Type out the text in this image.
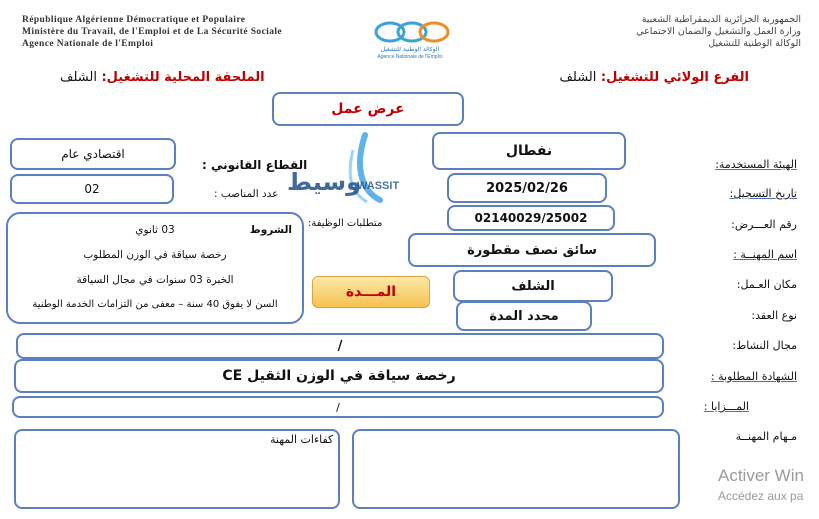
République Algérienne Démocratique et Populaire
Ministère du Travail, de l'Emploi et de La Sécurité Sociale
Agence Nationale de l'Emploi
الوكالة الوطنية للتشغيل
Agence Nationale de l'Emploi
الجمهورية الجزائرية الديمقراطية الشعبية
وزارة العمل والتشغيل والضمان الاجتماعي
الوكالة الوطنية للتشغيل
الفرع الولائي للتشغيل: الشلف
الملحقة المحلية للتشغيل: الشلف
عرض عمل
الهيئة المستخدمة:
تاريخ التسجيل:
رقم العـــرض:
اسم المهنــة :
مكان العـمل:
نوع العقد:
مجال النشاط:
الشهادة المطلوبة :
المـــزايا :
مـهام المهنــة
نفطال
2025/02/26
02140029/25002
سائق نصف مقطورة
الشلف
محدد المدة
/
رخصة سياقة في الوزن الثقيل CE
/
كفاءات المهنة
اقتصادي عام
القطاع القانوني :
02	عدد المناصب :
متطلبات الوظيفة:
الشروط
03 ثانوي
رخصة سياقة في الوزن المطلوب
الخبرة 03 سنوات في مجال السياقة
السن لا يفوق 40 سنة – معفى من التزامات الخدمة الوطنية
المـــدة
وسيط
WASSIT
Activer Win
Accédez aux pa
